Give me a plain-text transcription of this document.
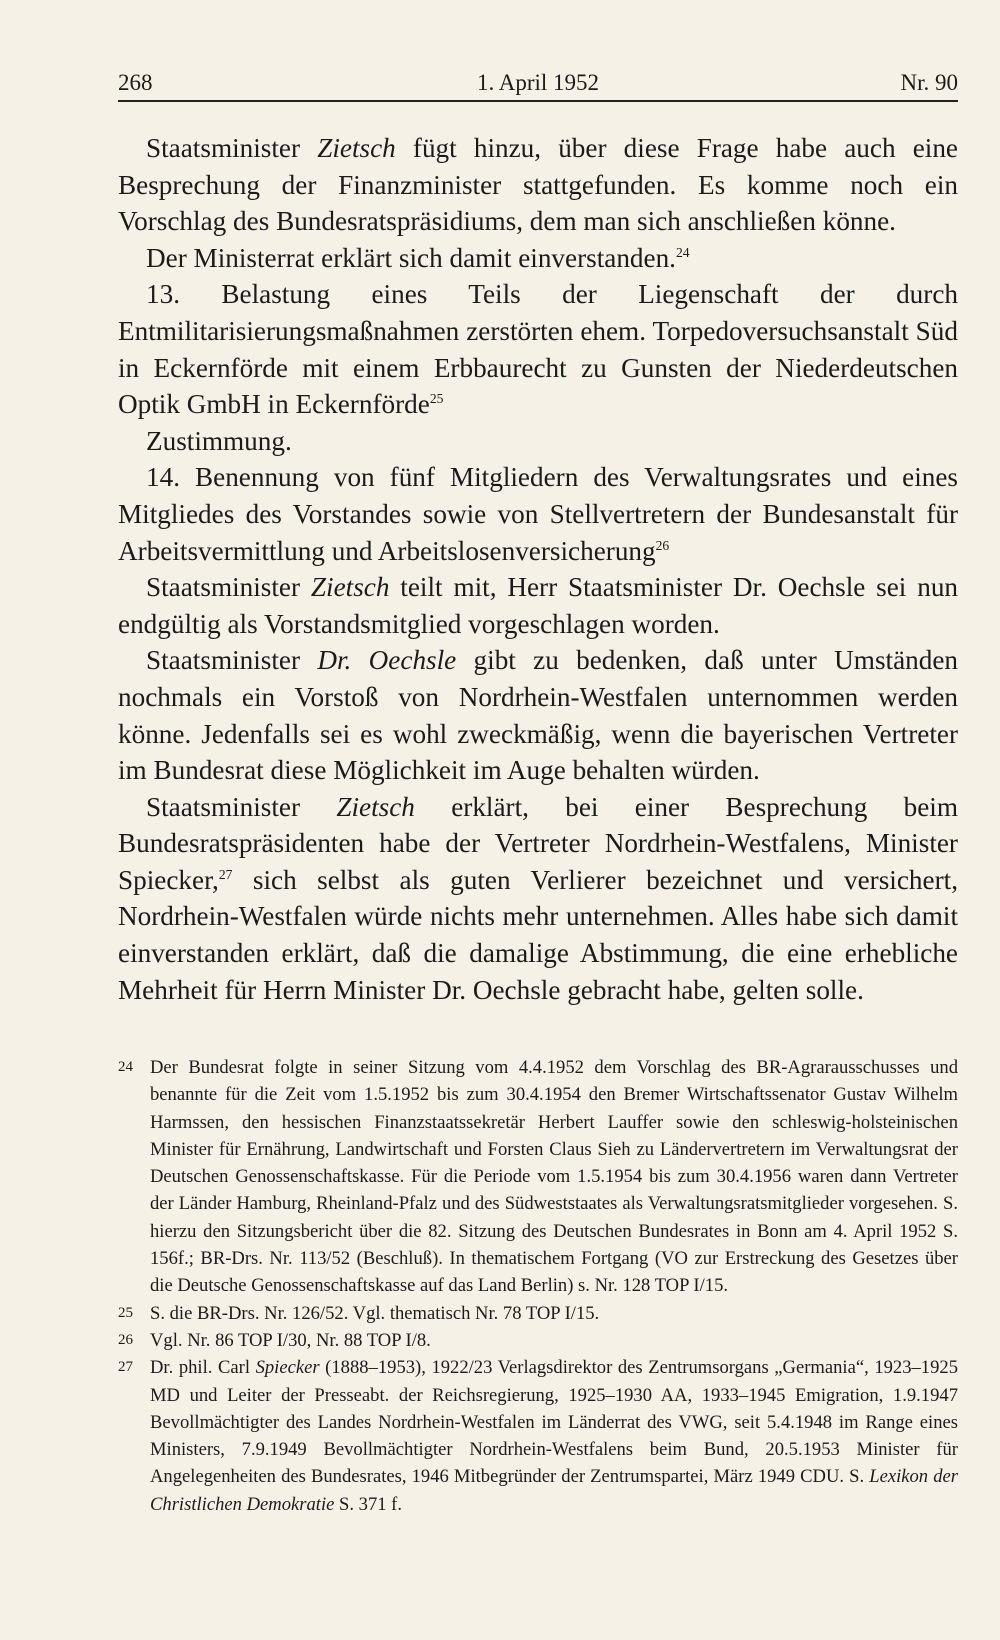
268	1. April 1952	Nr. 90

Staatsminister Zietsch fügt hinzu, über diese Frage habe auch eine Besprechung der Finanzminister stattgefunden. Es komme noch ein Vorschlag des Bundesratspräsidiums, dem man sich anschließen könne.

Der Ministerrat erklärt sich damit einverstanden.$^{24}$

13. Belastung eines Teils der Liegenschaft der durch Entmilitarisierungsmaßnahmen zerstörten ehem. Torpedoversuchsanstalt Süd in Eckernförde mit einem Erbbaurecht zu Gunsten der Niederdeutschen Optik GmbH in Eckernförde$^{25}$

Zustimmung.

14. Benennung von fünf Mitgliedern des Verwaltungsrates und eines Mitgliedes des Vorstandes sowie von Stellvertretern der Bundesanstalt für Arbeitsvermittlung und Arbeitslosenversicherung$^{26}$

Staatsminister Zietsch teilt mit, Herr Staatsminister Dr. Oechsle sei nun endgültig als Vorstandsmitglied vorgeschlagen worden.

Staatsminister Dr. Oechsle gibt zu bedenken, daß unter Umständen nochmals ein Vorstoß von Nordrhein-Westfalen unternommen werden könne. Jedenfalls sei es wohl zweckmäßig, wenn die bayerischen Vertreter im Bundesrat diese Möglichkeit im Auge behalten würden.

Staatsminister Zietsch erklärt, bei einer Besprechung beim Bundesratspräsidenten habe der Vertreter Nordrhein-Westfalens, Minister Spiecker,$^{27}$ sich selbst als guten Verlierer bezeichnet und versichert, Nordrhein-Westfalen würde nichts mehr unternehmen. Alles habe sich damit einverstanden erklärt, daß die damalige Abstimmung, die eine erhebliche Mehrheit für Herrn Minister Dr. Oechsle gebracht habe, gelten solle.

24 Der Bundesrat folgte in seiner Sitzung vom 4.4.1952 dem Vorschlag des BR-Agrarausschusses und benannte für die Zeit vom 1.5.1952 bis zum 30.4.1954 den Bremer Wirtschaftssenator Gustav Wilhelm Harmssen, den hessischen Finanzstaatssekretär Herbert Lauffer sowie den schleswig-holsteinischen Minister für Ernährung, Landwirtschaft und Forsten Claus Sieh zu Ländervertretern im Verwaltungsrat der Deutschen Genossenschaftskasse. Für die Periode vom 1.5.1954 bis zum 30.4.1956 waren dann Vertreter der Länder Hamburg, Rheinland-Pfalz und des Südweststaates als Verwaltungsratsmitglieder vorgesehen. S. hierzu den Sitzungsbericht über die 82. Sitzung des Deutschen Bundesrates in Bonn am 4. April 1952 S. 156f.; BR-Drs. Nr. 113/52 (Beschluß). In thematischem Fortgang (VO zur Erstreckung des Gesetzes über die Deutsche Genossenschaftskasse auf das Land Berlin) s. Nr. 128 TOP I/15.
25 S. die BR-Drs. Nr. 126/52. Vgl. thematisch Nr. 78 TOP I/15.
26 Vgl. Nr. 86 TOP I/30, Nr. 88 TOP I/8.
27 Dr. phil. Carl Spiecker (1888–1953), 1922/23 Verlagsdirektor des Zentrumsorgans „Germania“, 1923–1925 MD und Leiter der Presseabt. der Reichsregierung, 1925–1930 AA, 1933–1945 Emigration, 1.9.1947 Bevollmächtigter des Landes Nordrhein-Westfalen im Länderrat des VWG, seit 5.4.1948 im Range eines Ministers, 7.9.1949 Bevollmächtigter Nordrhein-Westfalens beim Bund, 20.5.1953 Minister für Angelegenheiten des Bundesrates, 1946 Mitbegründer der Zentrumspartei, März 1949 CDU. S. Lexikon der Christlichen Demokratie S. 371 f.
